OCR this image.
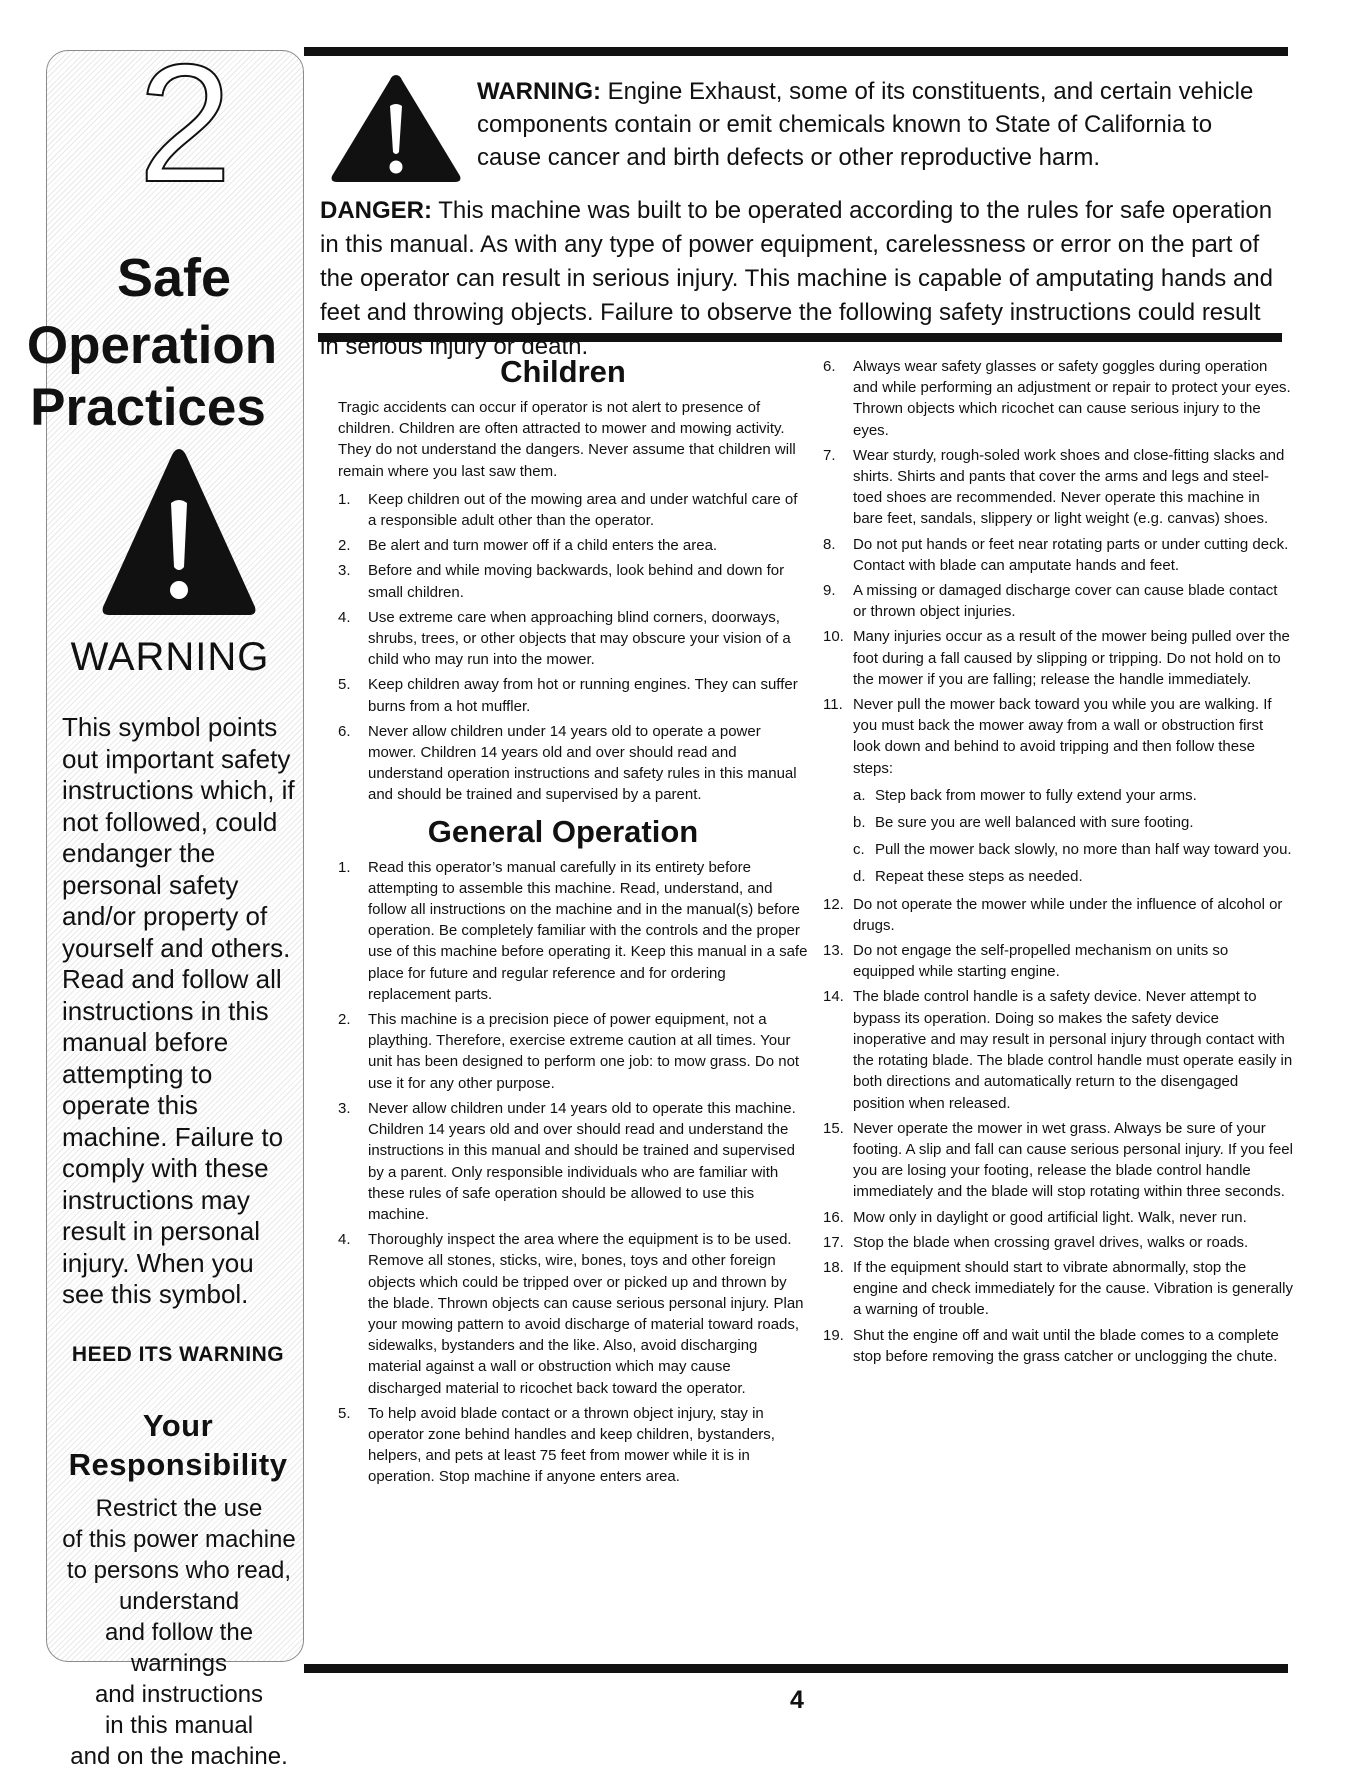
2
Safe
Operation
Practices
WARNING

This symbol points out important safety instructions which, if not followed, could endanger the personal safety and/or property of yourself and others. Read and follow all instructions in this manual before attempting to operate this machine. Failure to comply with these instructions may result in personal injury. When you see this symbol.

HEED ITS WARNING
Your
Responsibility

Restrict the use
of this power machine
to persons who read,
understand
and follow the warnings
and instructions
in this manual
and on the machine.

WARNING: Engine Exhaust, some of its constituents, and certain vehicle components contain or emit chemicals known to State of California to cause cancer and birth defects or other reproductive harm.

DANGER: This machine was built to be operated according to the rules for safe operation in this manual. As with any type of power equipment, carelessness or error on the part of the operator can result in serious injury. This machine is capable of amputating hands and feet and throwing objects. Failure to observe the following safety instructions could result in serious injury or death.

Children

Tragic accidents can occur if operator is not alert to presence of children. Children are often attracted to mower and mowing activity. They do not understand the dangers. Never assume that children will remain where you last saw them.

1.	Keep children out of the mowing area and under watchful care of a responsible adult other than the operator.
2.	Be alert and turn mower off if a child enters the area.
3.	Before and while moving backwards, look behind and down for small children.
4.	Use extreme care when approaching blind corners, doorways, shrubs, trees, or other objects that may obscure your vision of a child who may run into the mower.
5.	Keep children away from hot or running engines. They can suffer burns from a hot muffler.
6.	Never allow children under 14 years old to operate a power mower. Children 14 years old and over should read and understand operation instructions and safety rules in this manual and should be trained and supervised by a parent.
General Operation
1.	Read this operator’s manual carefully in its entirety before attempting to assemble this machine. Read, understand, and follow all instructions on the machine and in the manual(s) before operation. Be completely familiar with the controls and the proper use of this machine before operating it. Keep this manual in a safe place for future and regular reference and for ordering replacement parts.
2.	This machine is a precision piece of power equipment, not a plaything. Therefore, exercise extreme caution at all times. Your unit has been designed to perform one job: to mow grass. Do not use it for any other purpose.
3.	Never allow children under 14 years old to operate this machine. Children 14 years old and over should read and understand the instructions in this manual and should be trained and supervised by a parent. Only responsible individuals who are familiar with these rules of safe operation should be allowed to use this machine.
4.	Thoroughly inspect the area where the equipment is to be used. Remove all stones, sticks, wire, bones, toys and other foreign objects which could be tripped over or picked up and thrown by the blade. Thrown objects can cause serious personal injury. Plan your mowing pattern to avoid discharge of material toward roads, sidewalks, bystanders and the like. Also, avoid discharging material against a wall or obstruction which may cause discharged material to ricochet back toward the operator.
5.	To help avoid blade contact or a thrown object injury, stay in operator zone behind handles and keep children, bystanders, helpers, and pets at least 75 feet from mower while it is in operation. Stop machine if anyone enters area.
6.	Always wear safety glasses or safety goggles during operation and while performing an adjustment or repair to protect your eyes. Thrown objects which ricochet can cause serious injury to the eyes.
7.	Wear sturdy, rough-soled work shoes and close-fitting slacks and shirts. Shirts and pants that cover the arms and legs and steel-toed shoes are recommended. Never operate this machine in bare feet, sandals, slippery or light weight (e.g. canvas) shoes.
8.	Do not put hands or feet near rotating parts or under cutting deck. Contact with blade can amputate hands and feet.
9.	A missing or damaged discharge cover can cause blade contact or thrown object injuries.
10. Many injuries occur as a result of the mower being pulled over the foot during a fall caused by slipping or tripping. Do not hold on to the mower if you are falling; release the handle immediately.
11. Never pull the mower back toward you while you are walking. If you must back the mower away from a wall or obstruction first look down and behind to avoid tripping and then follow these steps:
a. Step back from mower to fully extend your arms.
b. Be sure you are well balanced with sure footing.
c. Pull the mower back slowly, no more than half way toward you.
d. Repeat these steps as needed.
12. Do not operate the mower while under the influence of alcohol or drugs.
13. Do not engage the self-propelled mechanism on units so equipped while starting engine.
14. The blade control handle is a safety device. Never attempt to bypass its operation. Doing so makes the safety device inoperative and may result in personal injury through contact with the rotating blade. The blade control handle must operate easily in both directions and automatically return to the disengaged position when released.
15. Never operate the mower in wet grass. Always be sure of your footing. A slip and fall can cause serious personal injury. If you feel you are losing your footing, release the blade control handle immediately and the blade will stop rotating within three seconds.
16. Mow only in daylight or good artificial light. Walk, never run.
17. Stop the blade when crossing gravel drives, walks or roads.
18. If the equipment should start to vibrate abnormally, stop the engine and check immediately for the cause. Vibration is generally a warning of trouble.
19. Shut the engine off and wait until the blade comes to a complete stop before removing the grass catcher or unclogging the chute.
4
